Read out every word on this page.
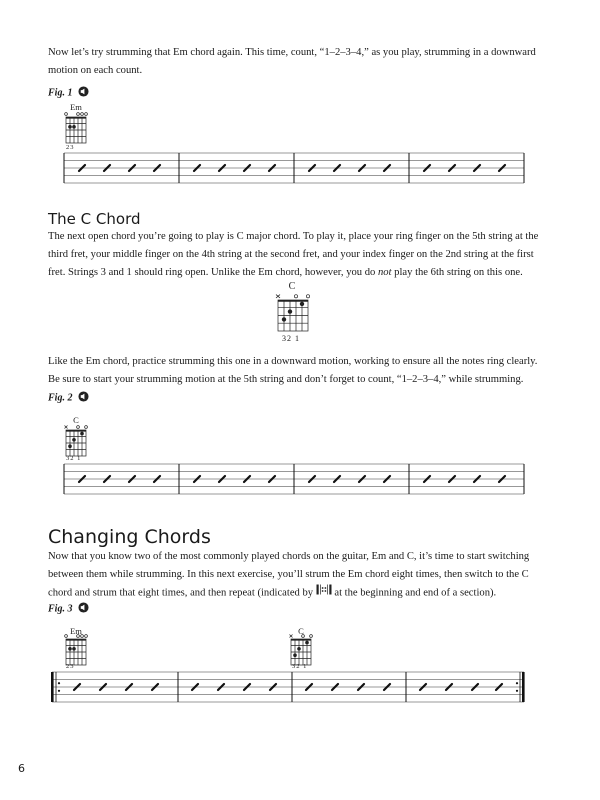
Now let’s try strumming that Em chord again. This time, count, “1–2–3–4,” as you play, strumming in a downward
motion on each count.

Fig. 1
Em
23
The C Chord

The next open chord you’re going to play is C major chord. To play it, place your ring finger on the 5th string at the
third fret, your middle finger on the 4th string at the second fret, and your index finger on the 2nd string at the first
fret. Strings 3 and 1 should ring open. Unlike the Em chord, however, you do not play the 6th string on this one.

C
32 1

Like the Em chord, practice strumming this one in a downward motion, working to ensure all the notes ring clearly.
Be sure to start your strumming motion at the 5th string and don’t forget to count, “1–2–3–4,” while strumming.

Fig. 2
C
32 1
Changing Chords

Now that you know two of the most commonly played chords on the guitar, Em and C, it’s time to start switching
between them while strumming. In this next exercise, you’ll strum the Em chord eight times, then switch to the C
chord and strum that eight times, and then repeat (indicated by  at the beginning and end of a section).

Fig. 3
Em
23
C
32 1
6
